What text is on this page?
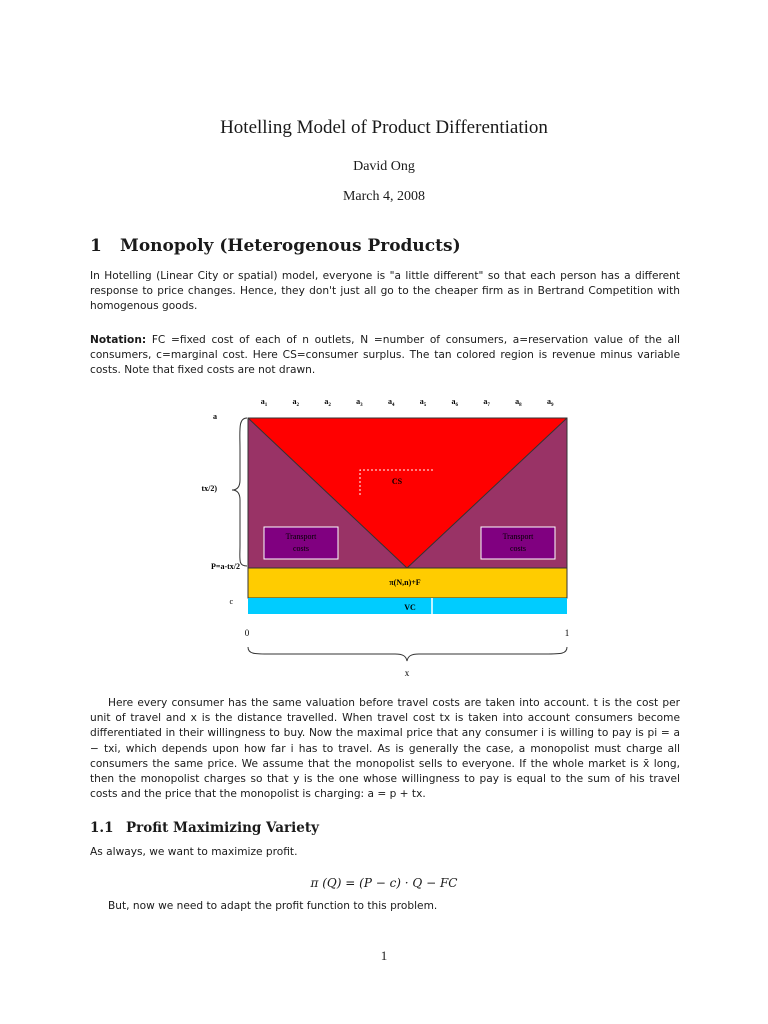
Hotelling Model of Product Differentiation
David Ong
March 4, 2008
1 Monopoly (Heterogenous Products)
In Hotelling (Linear City or spatial) model, everyone is "a little different" so that each person has a different response to price changes. Hence, they don't just all go to the cheaper firm as in Bertrand Competition with homogenous goods.
Notation: FC =fixed cost of each of n outlets, N =number of consumers, a=reservation value of the all consumers, c=marginal cost. Here CS=consumer surplus. The tan colored region is revenue minus variable costs. Note that fixed costs are not drawn.
Transport
costs
Transport
costs
CS
π(N,n)+F
VC
$a_1$	$a_2$	$a_2$	$a_3$	$a_4$	$a_5$	$a_6$	$a_7$	$a_8$	$a_9$
a
tx/2)
P=a-tx/2
c
0	1
x
Here every consumer has the same valuation before travel costs are taken into account. t is the cost per unit of travel and x is the distance travelled. When travel cost tx is taken into account consumers become differentiated in their willingness to buy. Now the maximal price that any consumer i is willing to pay is pi = a − txi, which depends upon how far i has to travel. As is generally the case, a monopolist must charge all consumers the same price. We assume that the monopolist sells to everyone. If the whole market is x̄ long, then the monopolist charges so that y is the one whose willingness to pay is equal to the sum of his travel costs and the price that the monopolist is charging: a = p + tx.
1.1 Profit Maximizing Variety
As always, we want to maximize profit.
π (Q) = (P − c) · Q − FC
But, now we need to adapt the profit function to this problem.
1
